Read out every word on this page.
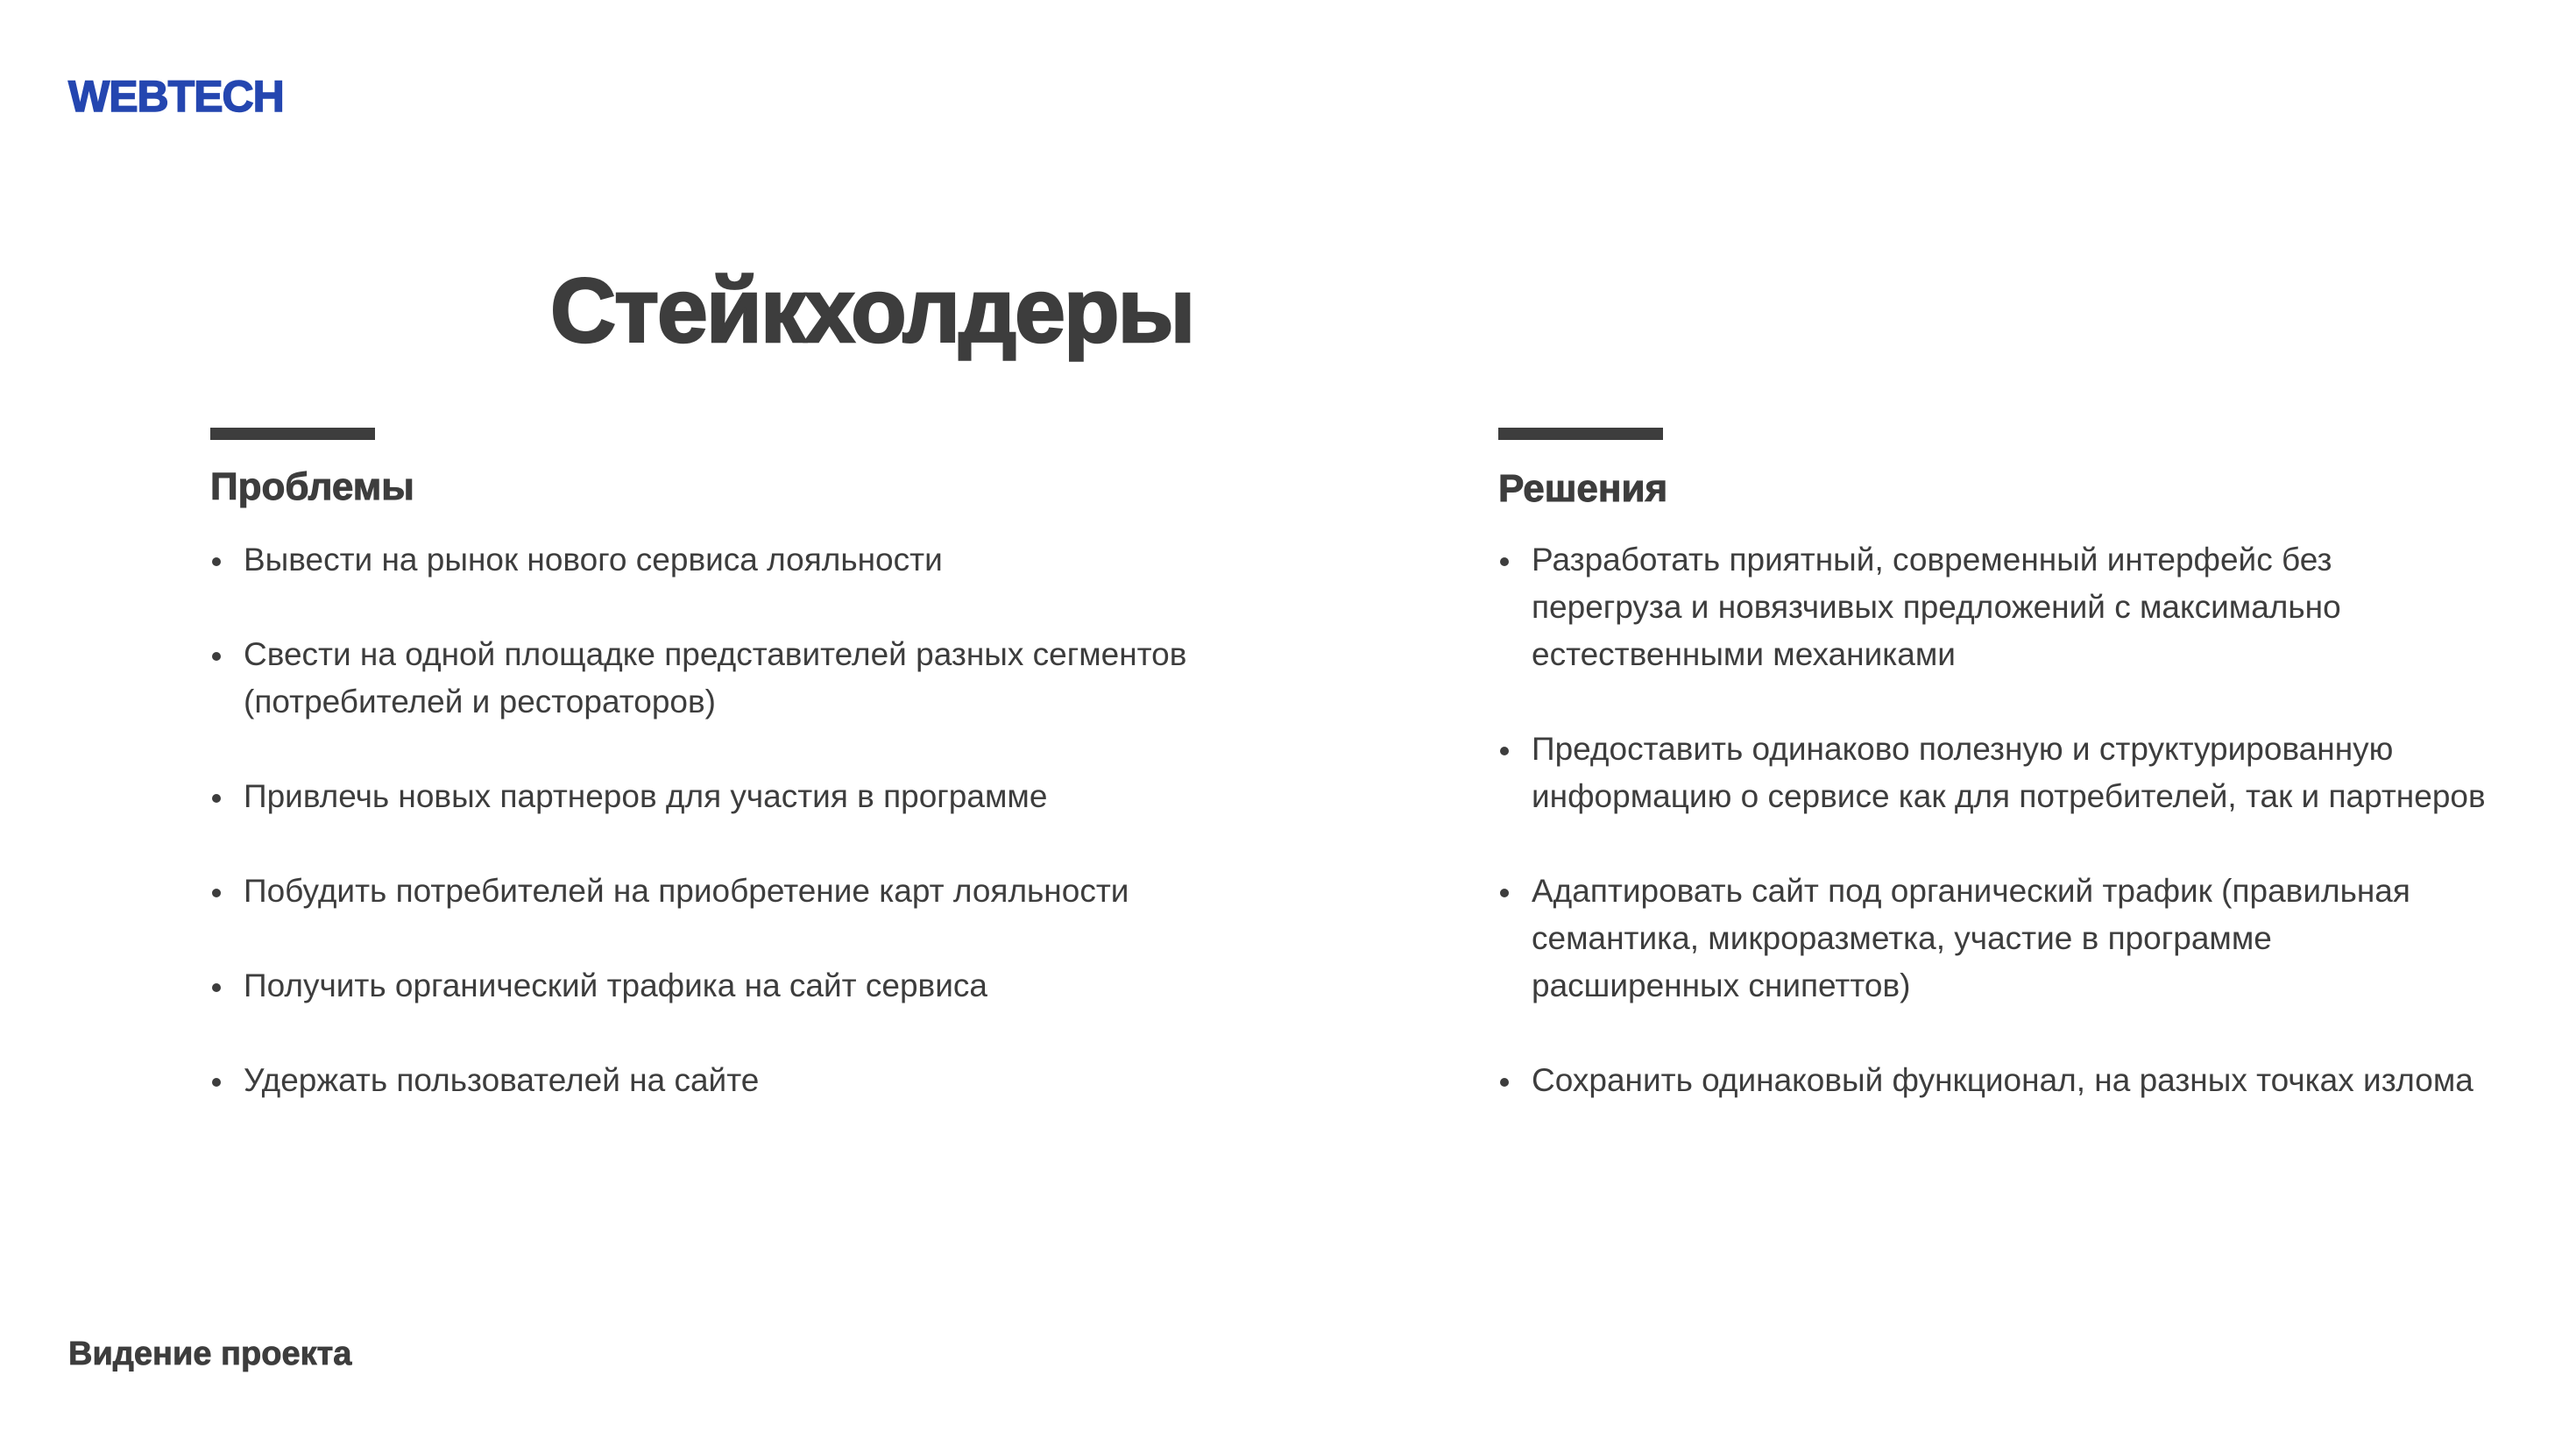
WEBTECH
Стейкхолдеры
Проблемы
Вывести на рынок нового сервиса лояльности
Свести на одной площадке представителей разных сегментов (потребителей и рестораторов)
Привлечь новых партнеров для участия в программе
Побудить потребителей на приобретение карт лояльности
Получить органический трафика на сайт сервиса
Удержать пользователей на сайте
Решения
Разработать приятный, современный интерфейс без перегруза и новязчивых предложений с максимально естественными механиками
Предоставить одинаково полезную и структурированную информацию о сервисе как для потребителей, так и партнеров
Адаптировать сайт под органический трафик (правильная семантика, микроразметка, участие в программе расширенных снипеттов)
Сохранить одинаковый функционал, на разных точках излома
Видение проекта
